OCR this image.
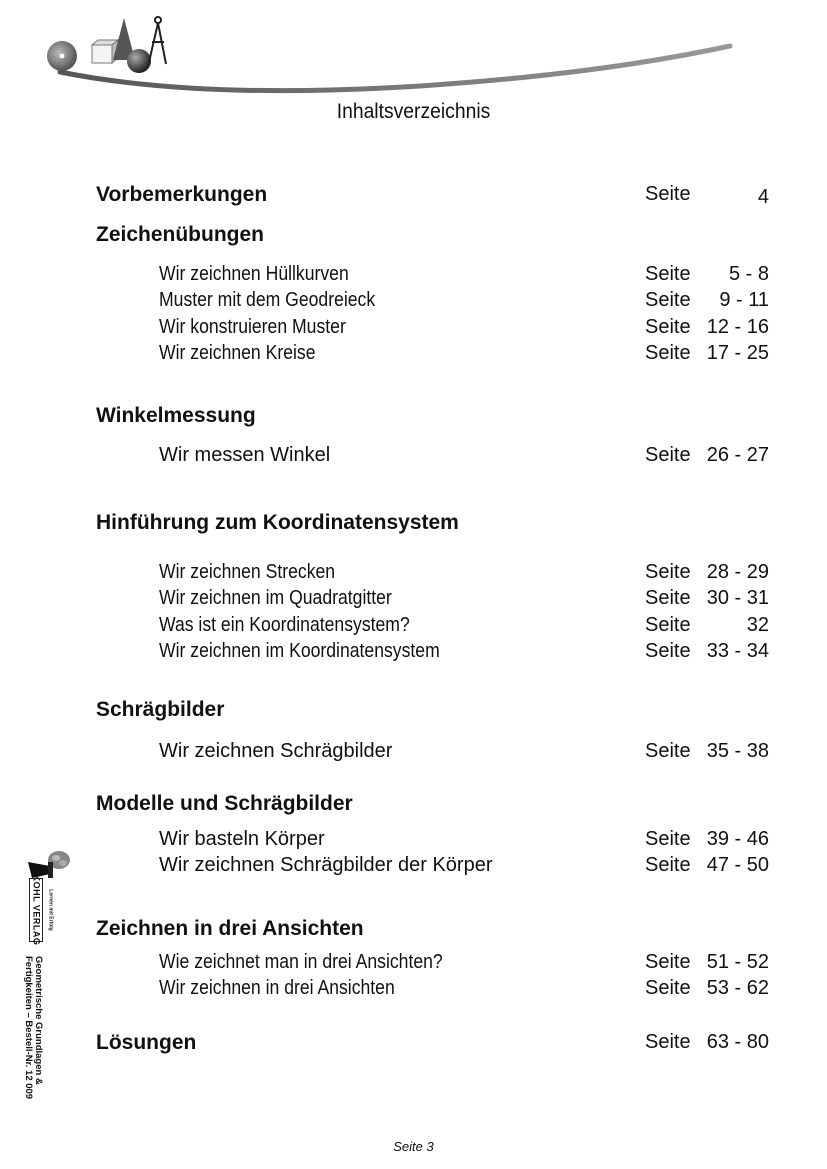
Inhaltsverzeichnis
Vorbemerkungen	Seite	4
Zeichenübungen
Wir zeichnen Hüllkurven	Seite 5 - 8
Muster mit dem Geodreieck	Seite 9 - 11
Wir konstruieren Muster	Seite 12 - 16
Wir zeichnen Kreise	Seite 17 - 25
Winkelmessung
Wir messen Winkel	Seite 26 - 27
Hinführung zum Koordinatensystem
Wir zeichnen Strecken	Seite 28 - 29
Wir zeichnen im Quadratgitter	Seite 30 - 31
Was ist ein Koordinatensystem?	Seite	32
Wir zeichnen im Koordinatensystem	Seite 33 - 34
Schrägbilder
Wir zeichnen Schrägbilder	Seite 35 - 38
Modelle und Schrägbilder
Wir basteln Körper	Seite 39 - 46
Wir zeichnen Schrägbilder der Körper	Seite 47 - 50
Zeichnen in drei Ansichten
Wie zeichnet man in drei Ansichten?	Seite 51 - 52
Wir zeichnen in drei Ansichten	Seite 53 - 62
Lösungen	Seite 63 - 80
KOHL VERLAG Lernen mit Erfolg
Geometrische Grundlagen &
Fertigkeiten – Bestell-Nr. 12 009
Seite 3
